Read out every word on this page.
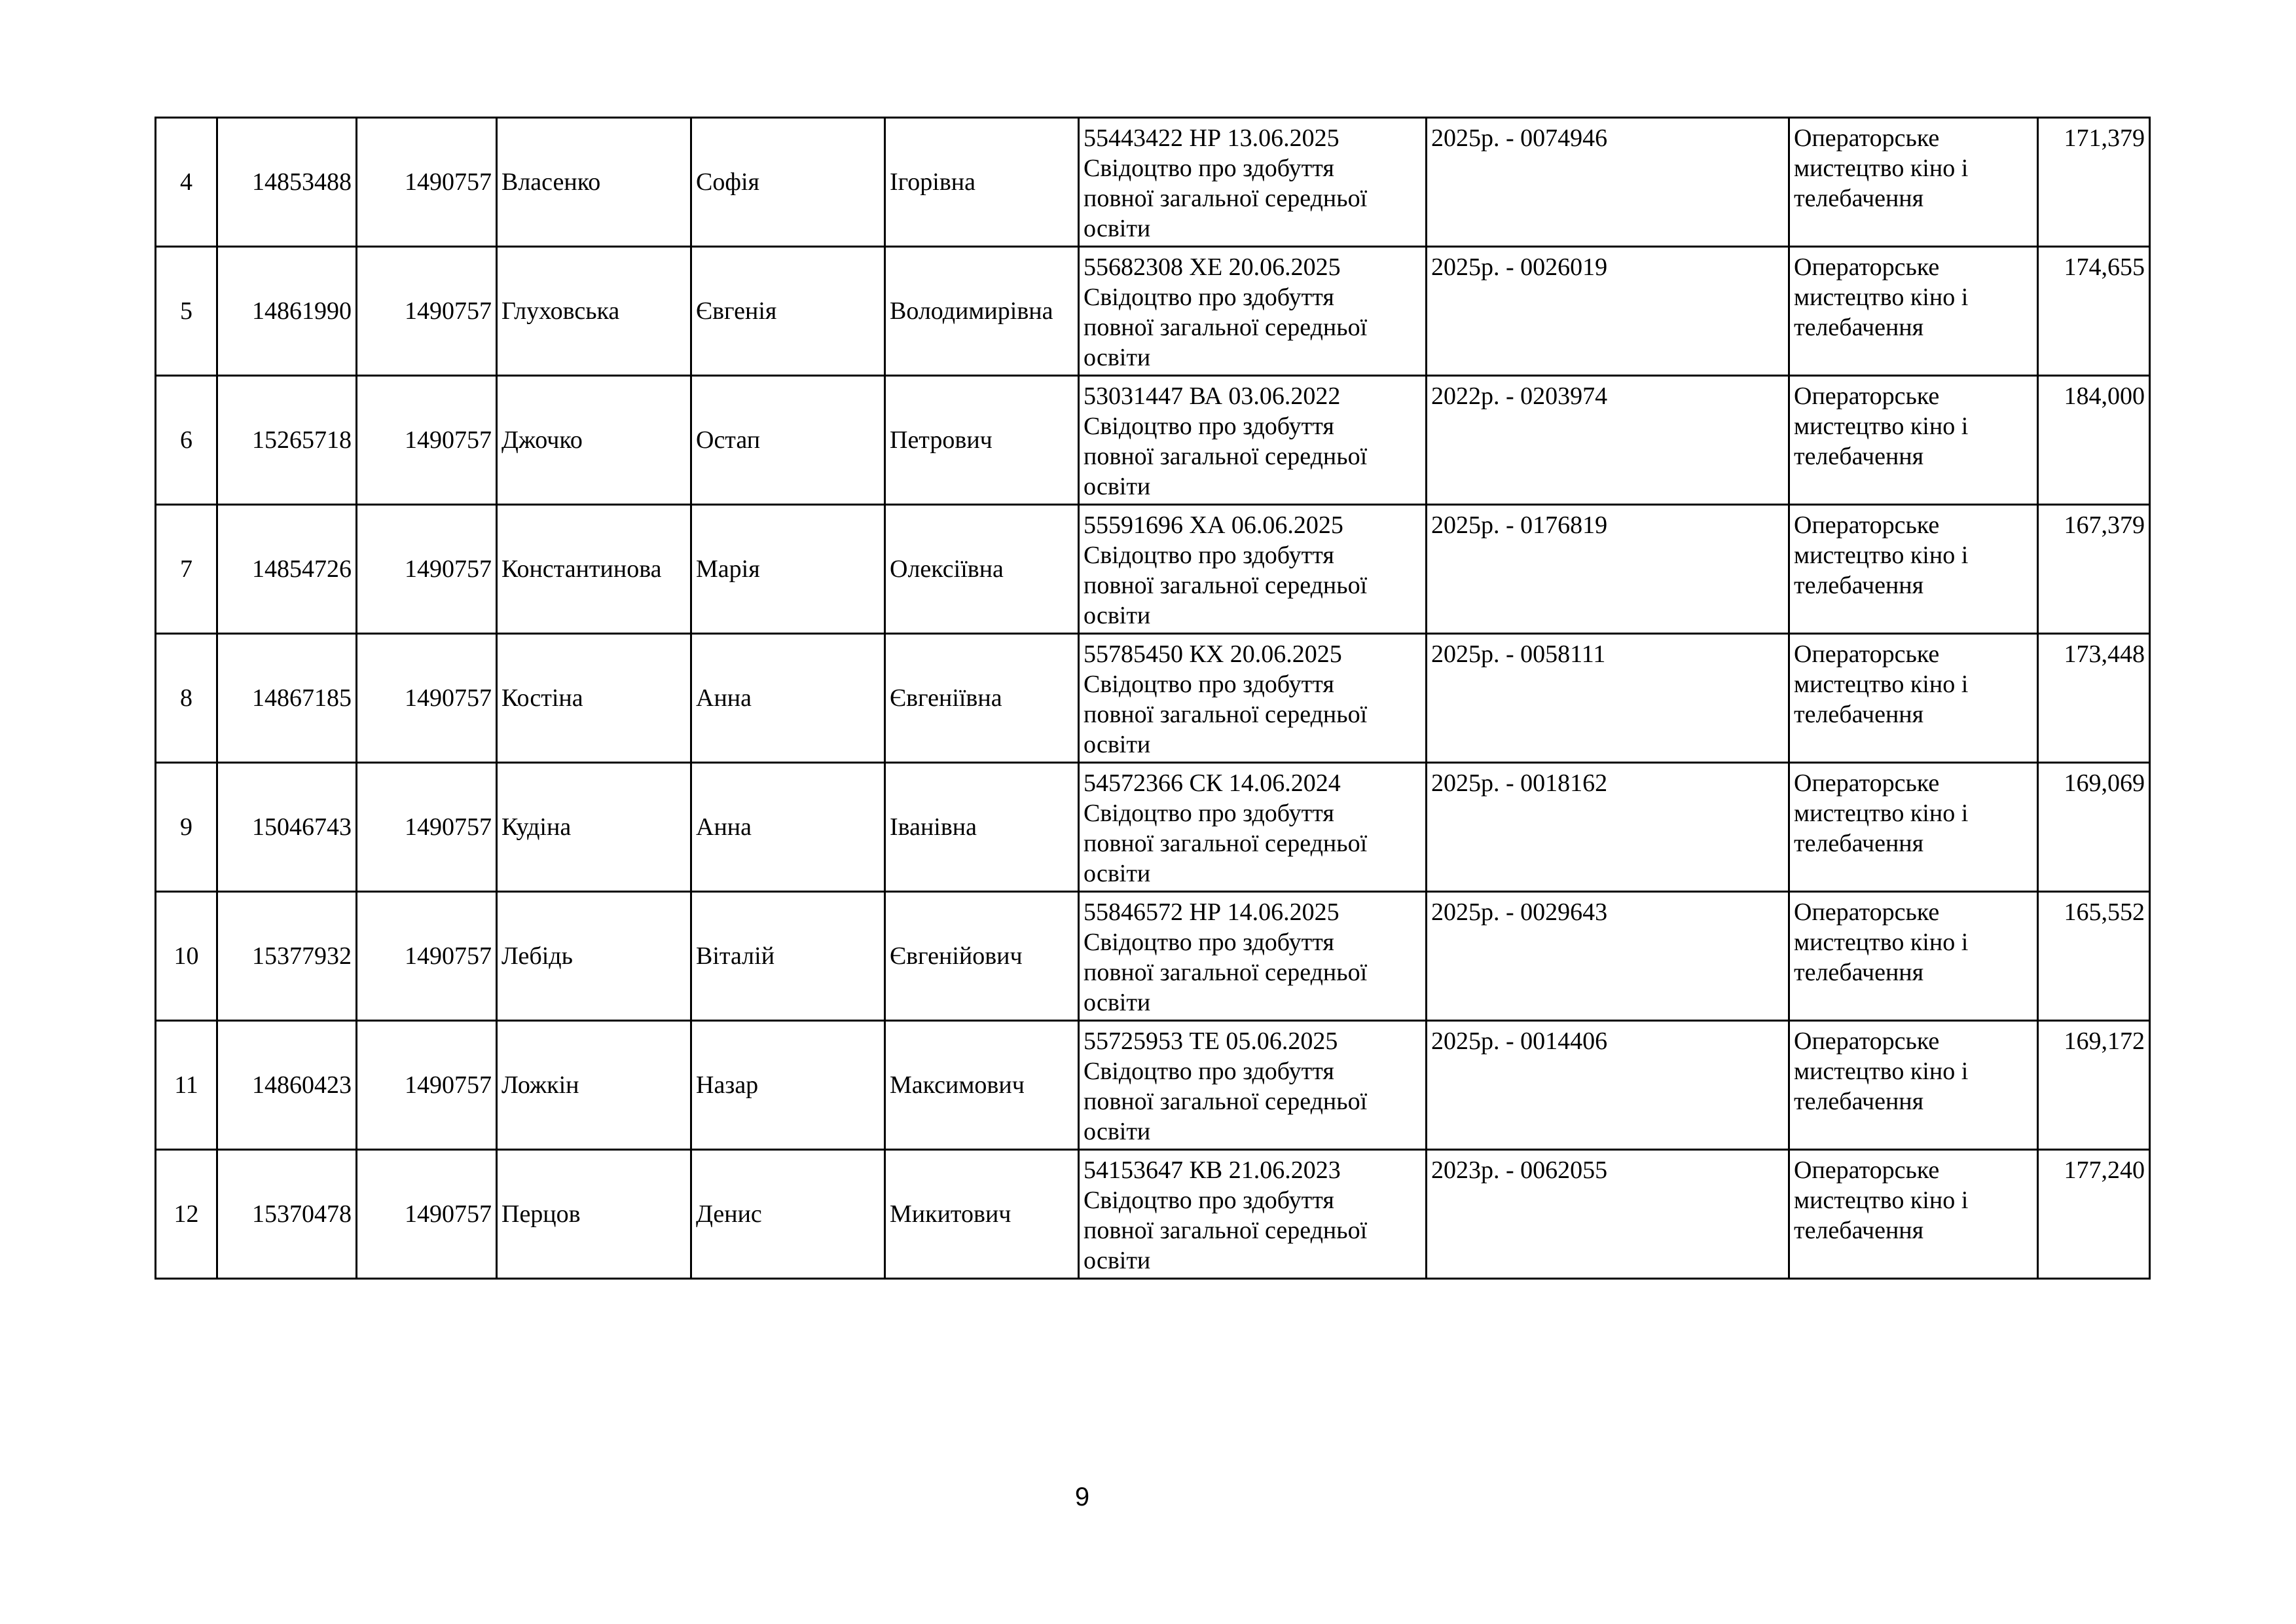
4	14853488	1490757	Власенко	Софія	Ігорівна	55443422 НР 13.06.2025
Свідоцтво про здобуття
повної загальної середньої
освіти	2025р. - 0074946	Операторське
мистецтво кіно і
телебачення	171,379
5	14861990	1490757	Глуховська	Євгенія	Володимирівна	55682308 ХЕ 20.06.2025
Свідоцтво про здобуття
повної загальної середньої
освіти	2025р. - 0026019	Операторське
мистецтво кіно і
телебачення	174,655
6	15265718	1490757	Джочко	Остап	Петрович	53031447 ВА 03.06.2022
Свідоцтво про здобуття
повної загальної середньої
освіти	2022р. - 0203974	Операторське
мистецтво кіно і
телебачення	184,000
7	14854726	1490757	Константинова	Марія	Олексіївна	55591696 ХА 06.06.2025
Свідоцтво про здобуття
повної загальної середньої
освіти	2025р. - 0176819	Операторське
мистецтво кіно і
телебачення	167,379
8	14867185	1490757	Костіна	Анна	Євгеніївна	55785450 КХ 20.06.2025
Свідоцтво про здобуття
повної загальної середньої
освіти	2025р. - 0058111	Операторське
мистецтво кіно і
телебачення	173,448
9	15046743	1490757	Кудіна	Анна	Іванівна	54572366 СК 14.06.2024
Свідоцтво про здобуття
повної загальної середньої
освіти	2025р. - 0018162	Операторське
мистецтво кіно і
телебачення	169,069
10	15377932	1490757	Лебідь	Віталій	Євгенійович	55846572 НР 14.06.2025
Свідоцтво про здобуття
повної загальної середньої
освіти	2025р. - 0029643	Операторське
мистецтво кіно і
телебачення	165,552
11	14860423	1490757	Ложкін	Назар	Максимович	55725953 ТЕ 05.06.2025
Свідоцтво про здобуття
повної загальної середньої
освіти	2025р. - 0014406	Операторське
мистецтво кіно і
телебачення	169,172
12	15370478	1490757	Перцов	Денис	Микитович	54153647 КВ 21.06.2023
Свідоцтво про здобуття
повної загальної середньої
освіти	2023р. - 0062055	Операторське
мистецтво кіно і
телебачення	177,240
9
